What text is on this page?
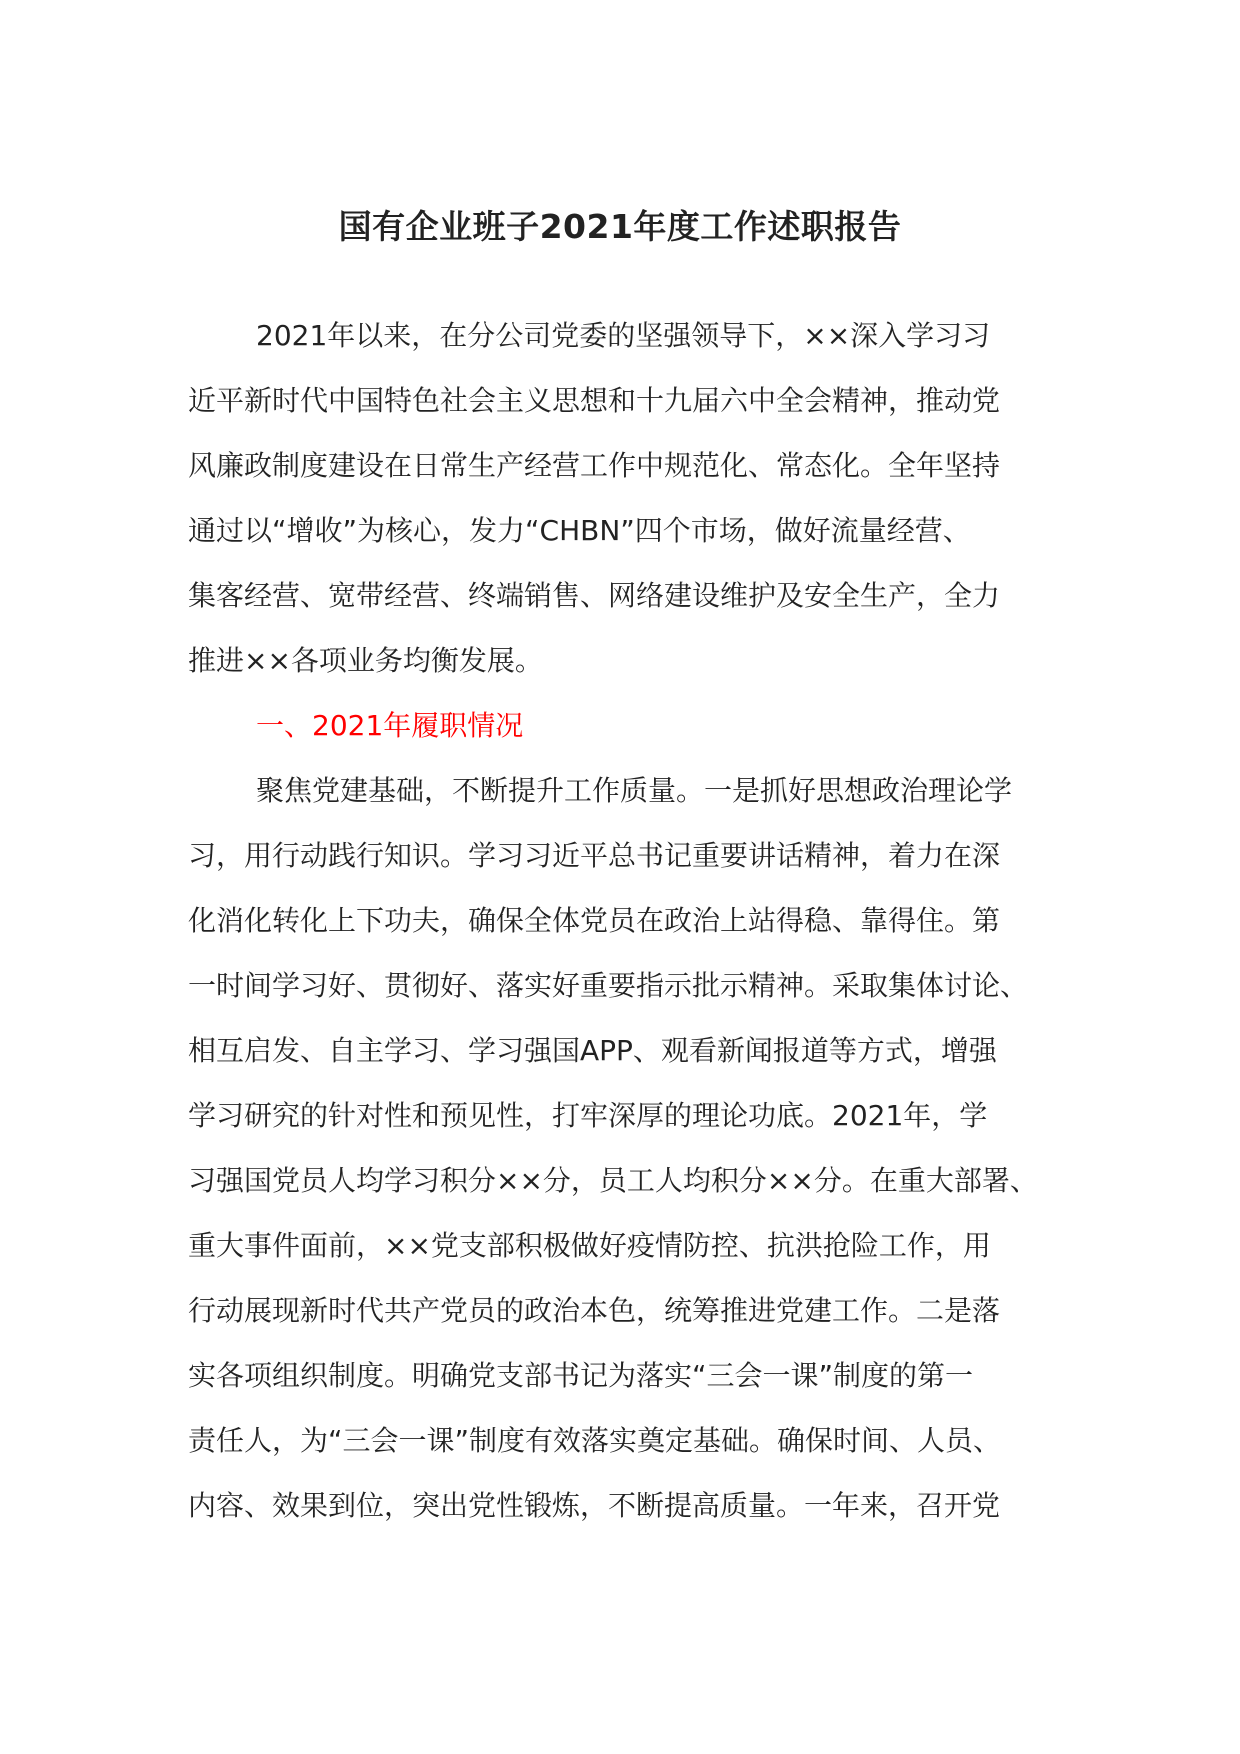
国有企业班子2021年度工作述职报告
2021年以来，在分公司党委的坚强领导下，××深入学习习
近平新时代中国特色社会主义思想和十九届六中全会精神，推动党
风廉政制度建设在日常生产经营工作中规范化、常态化。全年坚持
通过以“增收”为核心，发力“CHBN”四个市场，做好流量经营、
集客经营、宽带经营、终端销售、网络建设维护及安全生产，全力
推进××各项业务均衡发展。
一、2021年履职情况
聚焦党建基础，不断提升工作质量。一是抓好思想政治理论学
习，用行动践行知识。学习习近平总书记重要讲话精神，着力在深
化消化转化上下功夫，确保全体党员在政治上站得稳、靠得住。第
一时间学习好、贯彻好、落实好重要指示批示精神。采取集体讨论、
相互启发、自主学习、学习强国APP、观看新闻报道等方式，增强
学习研究的针对性和预见性，打牢深厚的理论功底。2021年，学
习强国党员人均学习积分××分，员工人均积分××分。在重大部署、
重大事件面前，××党支部积极做好疫情防控、抗洪抢险工作，用
行动展现新时代共产党员的政治本色，统筹推进党建工作。二是落
实各项组织制度。明确党支部书记为落实“三会一课”制度的第一
责任人，为“三会一课”制度有效落实奠定基础。确保时间、人员、
内容、效果到位，突出党性锻炼，不断提高质量。一年来，召开党
